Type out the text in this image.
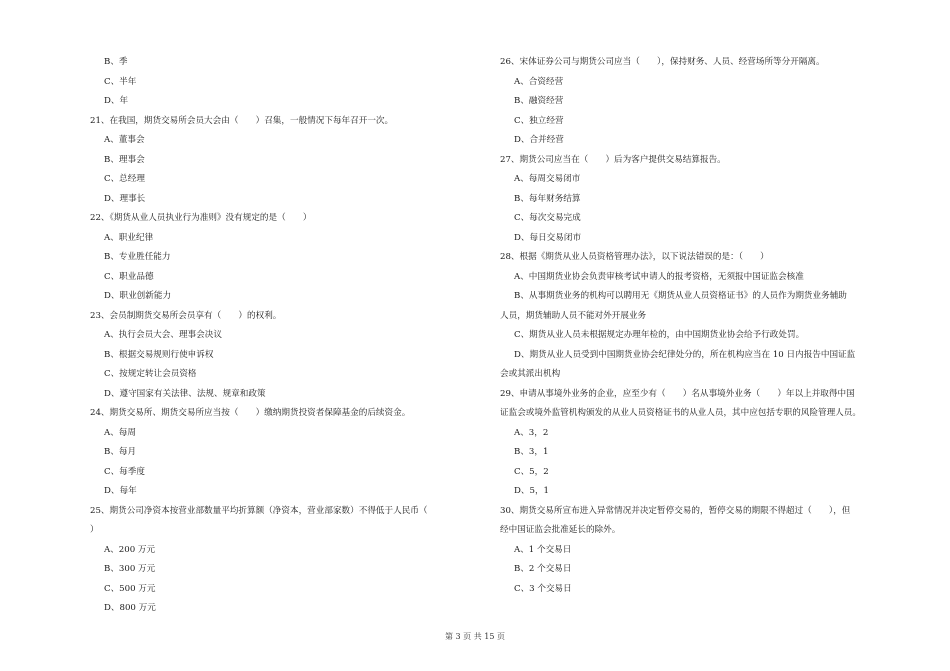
B、季
C、半年
D、年
21、在我国，期货交易所会员大会由（　　）召集，一般情况下每年召开一次。
A、董事会
B、理事会
C、总经理
D、理事长
22、《期货从业人员执业行为准则》没有规定的是（　　）
A、职业纪律
B、专业胜任能力
C、职业品德
D、职业创新能力
23、会员制期货交易所会员享有（　　）的权利。
A、执行会员大会、理事会决议
B、根据交易规则行使申诉权
C、按规定转让会员资格
D、遵守国家有关法律、法规、规章和政策
24、期货交易所、期货交易所应当按（　　）缴纳期货投资者保障基金的后续资金。
A、每周
B、每月
C、每季度
D、每年
25、期货公司净资本按营业部数量平均折算额（净资本，营业部家数）不得低于人民币（
）
A、200 万元
B、300 万元
C、500 万元
D、800 万元
26、宋体证券公司与期货公司应当（　　），保持财务、人员、经营场所等分开隔离。
A、合资经营
B、融资经营
C、独立经营
D、合并经营
27、期货公司应当在（　　）后为客户提供交易结算报告。
A、每周交易闭市
B、每年财务结算
C、每次交易完成
D、每日交易闭市
28、根据《期货从业人员资格管理办法》，以下说法错误的是：（　　）
A、中国期货业协会负责审核考试申请人的报考资格，无须报中国证监会核准
B、从事期货业务的机构可以聘用无《期货从业人员资格证书》的人员作为期货业务辅助
人员，期货辅助人员不能对外开展业务
C、期货从业人员未根据规定办理年检的，由中国期货业协会给予行政处罚。
D、期货从业人员受到中国期货业协会纪律处分的，所在机构应当在 10 日内报告中国证监
会或其派出机构
29、申请从事境外业务的企业，应至少有（　　）名从事境外业务（　　）年以上并取得中国
证监会或境外监管机构颁发的从业人员资格证书的从业人员，其中应包括专职的风险管理人员。
A、3，2
B、3，1
C、5，2
D、5，1
30、期货交易所宣布进入异常情况并决定暂停交易的，暂停交易的期限不得超过（　　），但
经中国证监会批准延长的除外。
A、1 个交易日
B、2 个交易日
C、3 个交易日
第 3 页 共 15 页
